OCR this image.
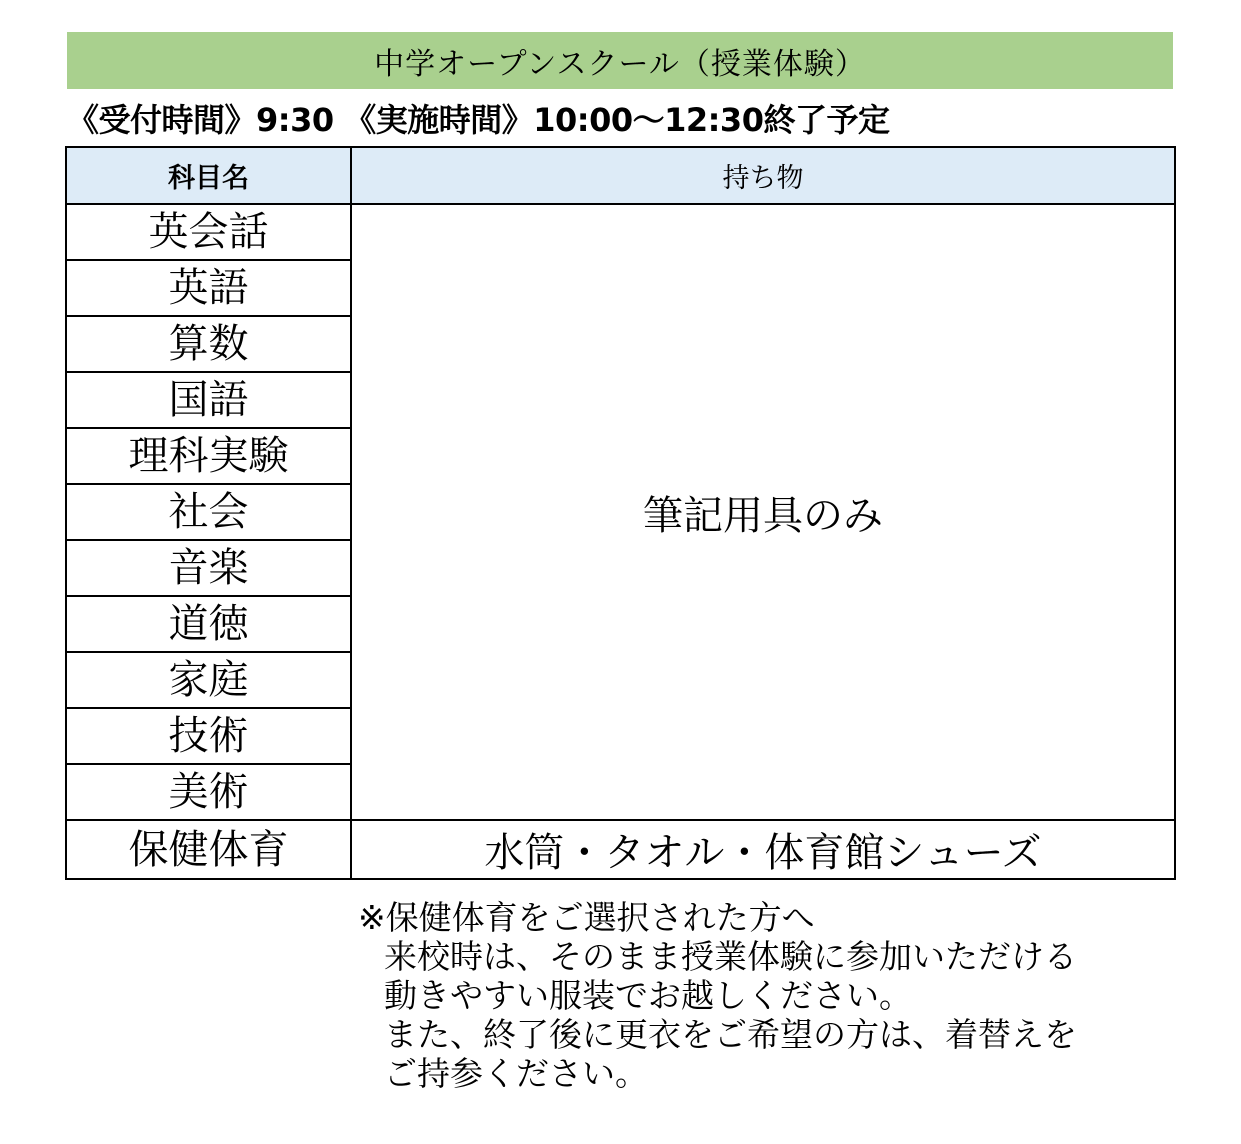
中学オープンスクール（授業体験）
《受付時間》9:30 《実施時間》10:00～12:30終了予定
科目名	持ち物
英会話	筆記用具のみ
英語	
算数	
国語	
理科実験	
社会	
音楽	
道徳	
家庭	
技術	
美術	
保健体育	水筒・タオル・体育館シューズ
※保健体育をご選択された方へ
来校時は、そのまま授業体験に参加いただける
動きやすい服装でお越しください。
また、終了後に更衣をご希望の方は、着替えを
ご持参ください。
